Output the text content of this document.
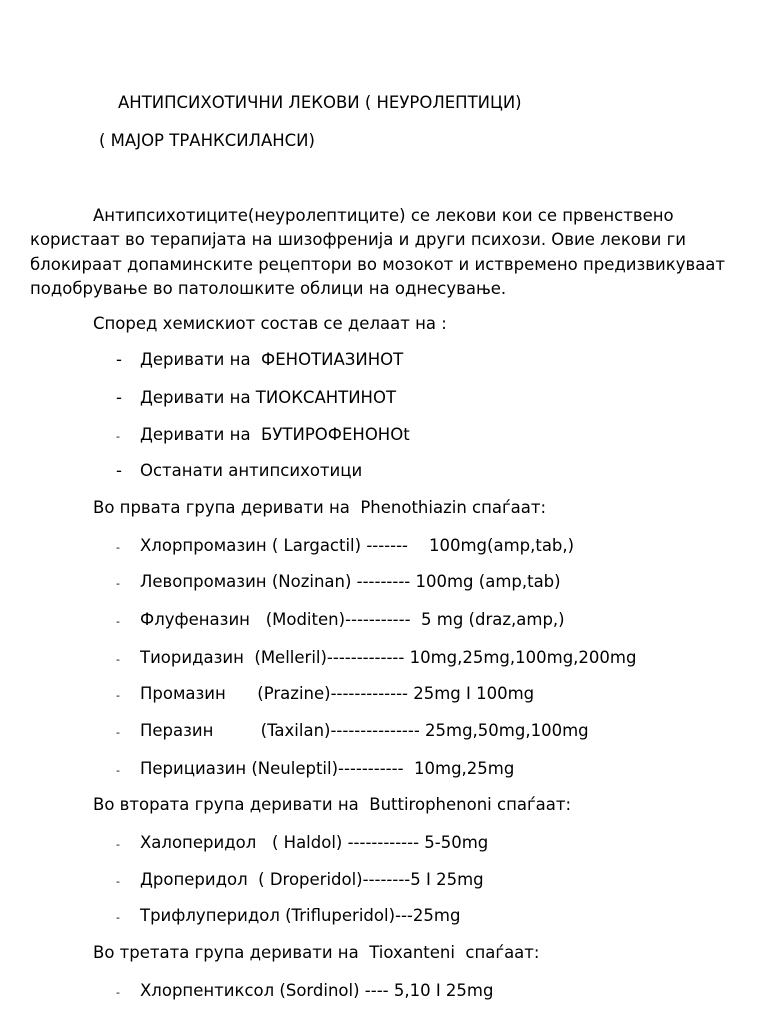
АНТИПСИХОТИЧНИ ЛЕКОВИ ( НЕУРОЛЕПТИЦИ)
( МАЈОР ТРАНКСИЛАНСИ)

Антипсихотиците(неуролептиците) се лекови кои се првенствено користаат во терапијата на шизофренија и други психози. Овие лекови ги блокираат допаминските рецептори во мозокот и иствремено предизвикуваат подобрување во патолошките облици на однесување.

Според хемискиот состав се делаат на :
- Деривати на  ФЕНОТИАЗИНОТ
- Деривати на ТИОКСАНТИНОТ
- Деривати на  БУТИРОФЕНОНОt
- Останати антипсихотици
Во првата група деривати на  Phenothiazin спаѓаат:
- Хлорпромазин ( Largactil) -------    100mg(amp,tab,)
- Левопромазин (Nozinan) --------- 100mg (amp,tab)
- Флуфеназин   (Moditen)-----------  5 mg (draz,amp,)
- Тиоридазин  (Melleril)------------- 10mg,25mg,100mg,200mg
- Промазин      (Prazine)------------- 25mg I 100mg
- Перазин         (Taxilan)--------------- 25mg,50mg,100mg
- Перициазин (Neuleptil)-----------  10mg,25mg
Во втората група деривати на  Buttirophenoni спаѓаат:
- Халоперидол   ( Haldol) ------------ 5-50mg
- Дроперидол  ( Droperidol)--------5 I 25mg
- Трифлуперидол (Trifluperidol)---25mg
Во третата група деривати на  Tioxanteni  спаѓаат:
- Хлорпентиксол (Sordinol) ---- 5,10 I 25mg
